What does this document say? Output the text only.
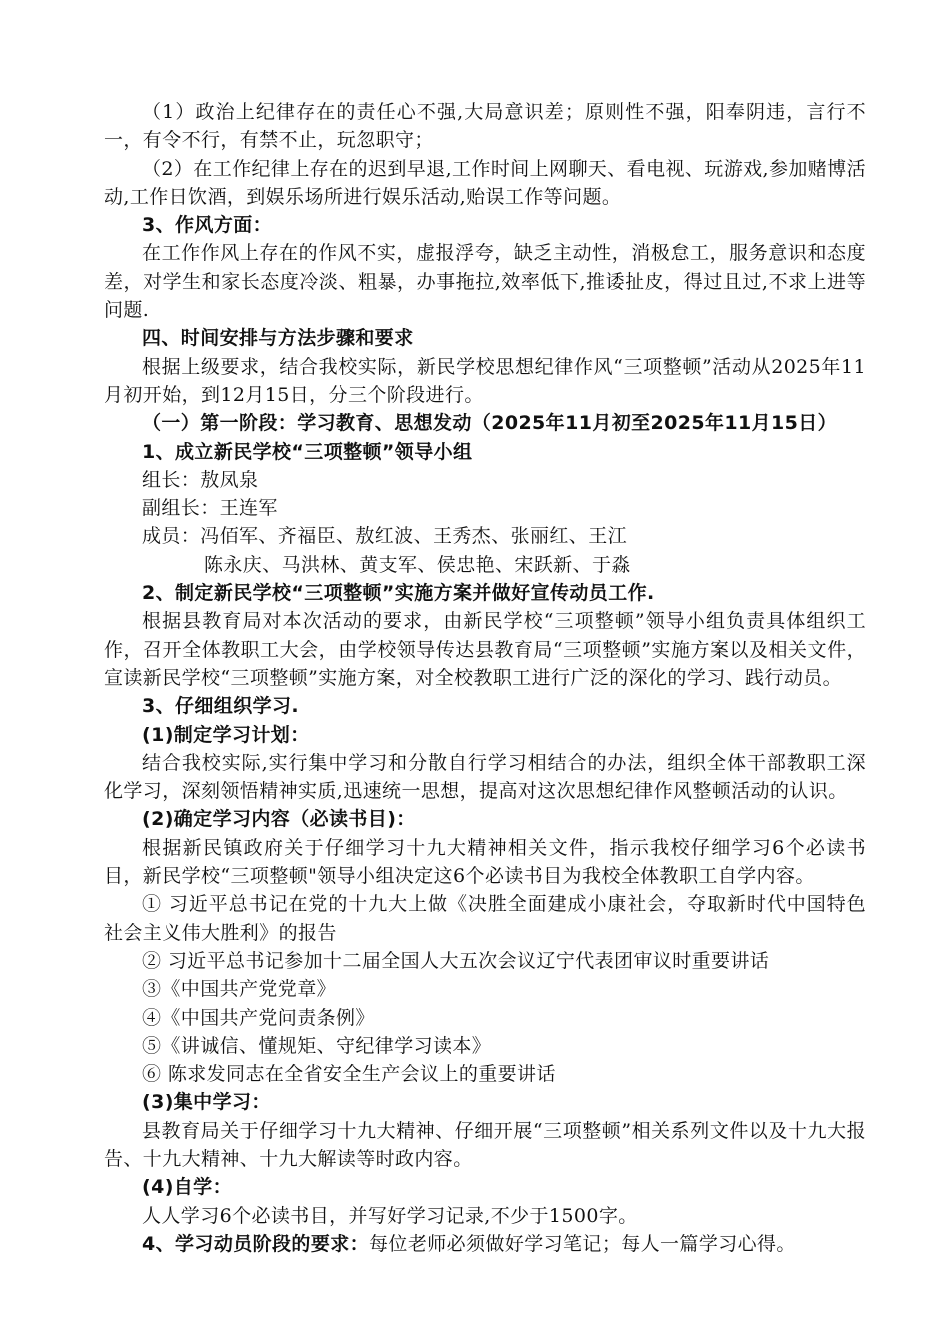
（1）政治上纪律存在的责任心不强,大局意识差；原则性不强，阳奉阴违，言行不一，有令不行，有禁不止，玩忽职守；

（2）在工作纪律上存在的迟到早退,工作时间上网聊天、看电视、玩游戏,参加赌博活动,工作日饮酒，到娱乐场所进行娱乐活动,贻误工作等问题。

3、作风方面：

在工作作风上存在的作风不实，虚报浮夸，缺乏主动性，消极怠工，服务意识和态度差，对学生和家长态度冷淡、粗暴，办事拖拉,效率低下,推诿扯皮，得过且过,不求上进等问题.

四、时间安排与方法步骤和要求

根据上级要求，结合我校实际，新民学校思想纪律作风“三项整顿”活动从2025年11月初开始，到12月15日，分三个阶段进行。

（一）第一阶段：学习教育、思想发动（2025年11月初至2025年11月15日）

1、成立新民学校“三项整顿”领导小组

组长：敖凤泉

副组长：王连军

成员：冯佰军、齐福臣、敖红波、王秀杰、张丽红、王江

陈永庆、马洪林、黄支军、侯忠艳、宋跃新、于淼

2、制定新民学校“三项整顿”实施方案并做好宣传动员工作.

根据县教育局对本次活动的要求，由新民学校“三项整顿”领导小组负责具体组织工作，召开全体教职工大会，由学校领导传达县教育局“三项整顿”实施方案以及相关文件，宣读新民学校“三项整顿”实施方案，对全校教职工进行广泛的深化的学习、践行动员。

3、仔细组织学习.

(1)制定学习计划：

结合我校实际,实行集中学习和分散自行学习相结合的办法，组织全体干部教职工深化学习，深刻领悟精神实质,迅速统一思想，提高对这次思想纪律作风整顿活动的认识。

(2)确定学习内容（必读书目)：

根据新民镇政府关于仔细学习十九大精神相关文件，指示我校仔细学习6个必读书目，新民学校“三项整顿"领导小组决定这6个必读书目为我校全体教职工自学内容。

① 习近平总书记在党的十九大上做《决胜全面建成小康社会，夺取新时代中国特色社会主义伟大胜利》的报告

② 习近平总书记参加十二届全国人大五次会议辽宁代表团审议时重要讲话

③《中国共产党党章》

④《中国共产党问责条例》

⑤《讲诚信、懂规矩、守纪律学习读本》

⑥ 陈求发同志在全省安全生产会议上的重要讲话

(3)集中学习：

县教育局关于仔细学习十九大精神、仔细开展“三项整顿”相关系列文件以及十九大报告、十九大精神、十九大解读等时政内容。

(4)自学：

人人学习6个必读书目，并写好学习记录,不少于1500字。

4、学习动员阶段的要求：每位老师必须做好学习笔记；每人一篇学习心得。
